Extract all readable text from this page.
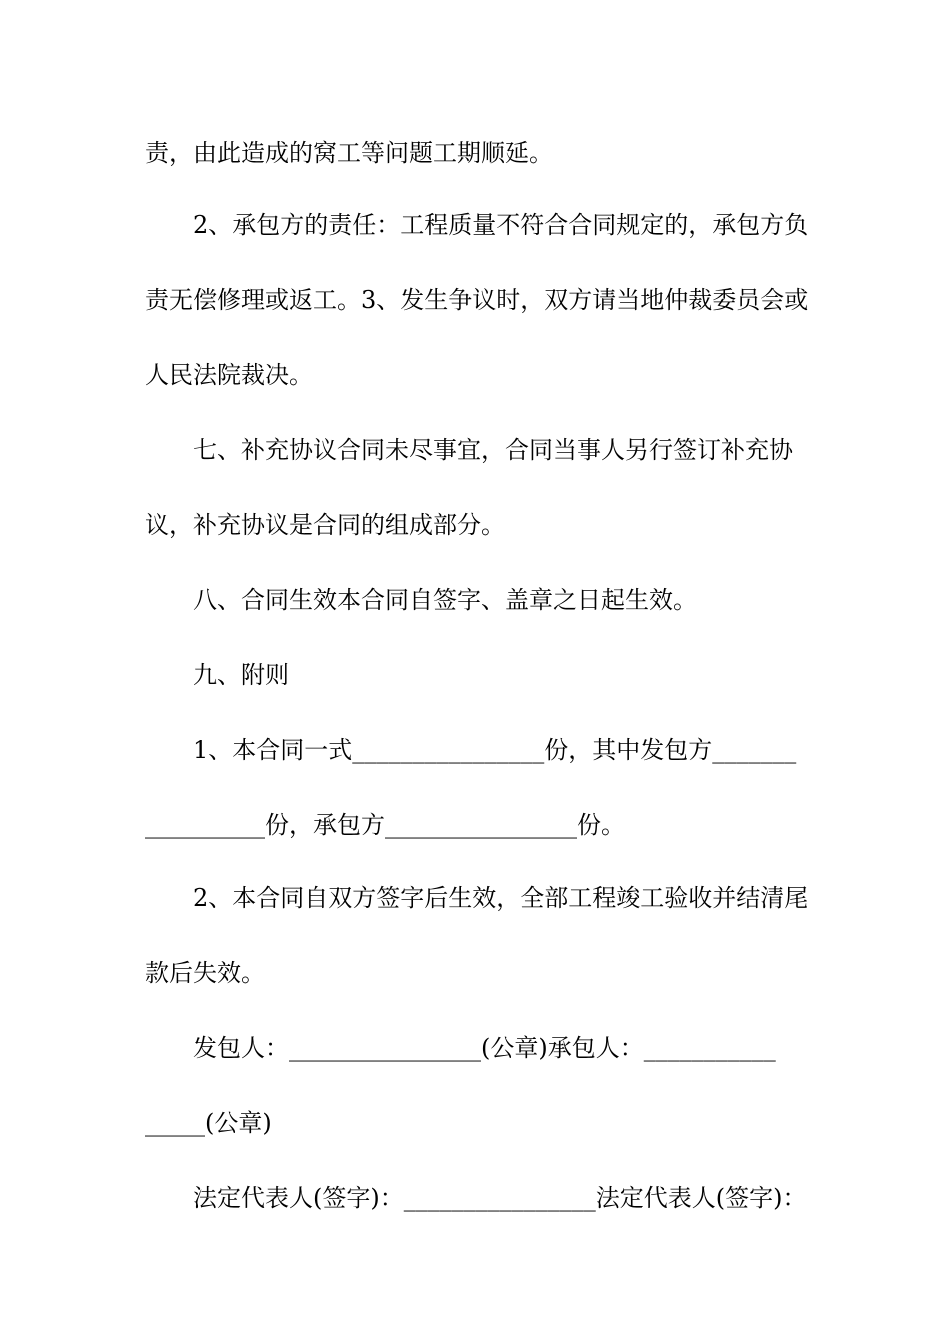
责，由此造成的窝工等问题工期顺延。
2、承包方的责任：工程质量不符合合同规定的，承包方负
责无偿修理或返工。3、发生争议时，双方请当地仲裁委员会或
人民法院裁决。
七、补充协议合同未尽事宜，合同当事人另行签订补充协
议，补充协议是合同的组成部分。
八、合同生效本合同自签字、盖章之日起生效。
九、附则
1、本合同一式________________份，其中发包方_______
__________份，承包方________________份。
2、本合同自双方签字后生效，全部工程竣工验收并结清尾
款后失效。
发包人：________________(公章)承包人：___________
_____(公章)
法定代表人(签字)：________________法定代表人(签字)：
